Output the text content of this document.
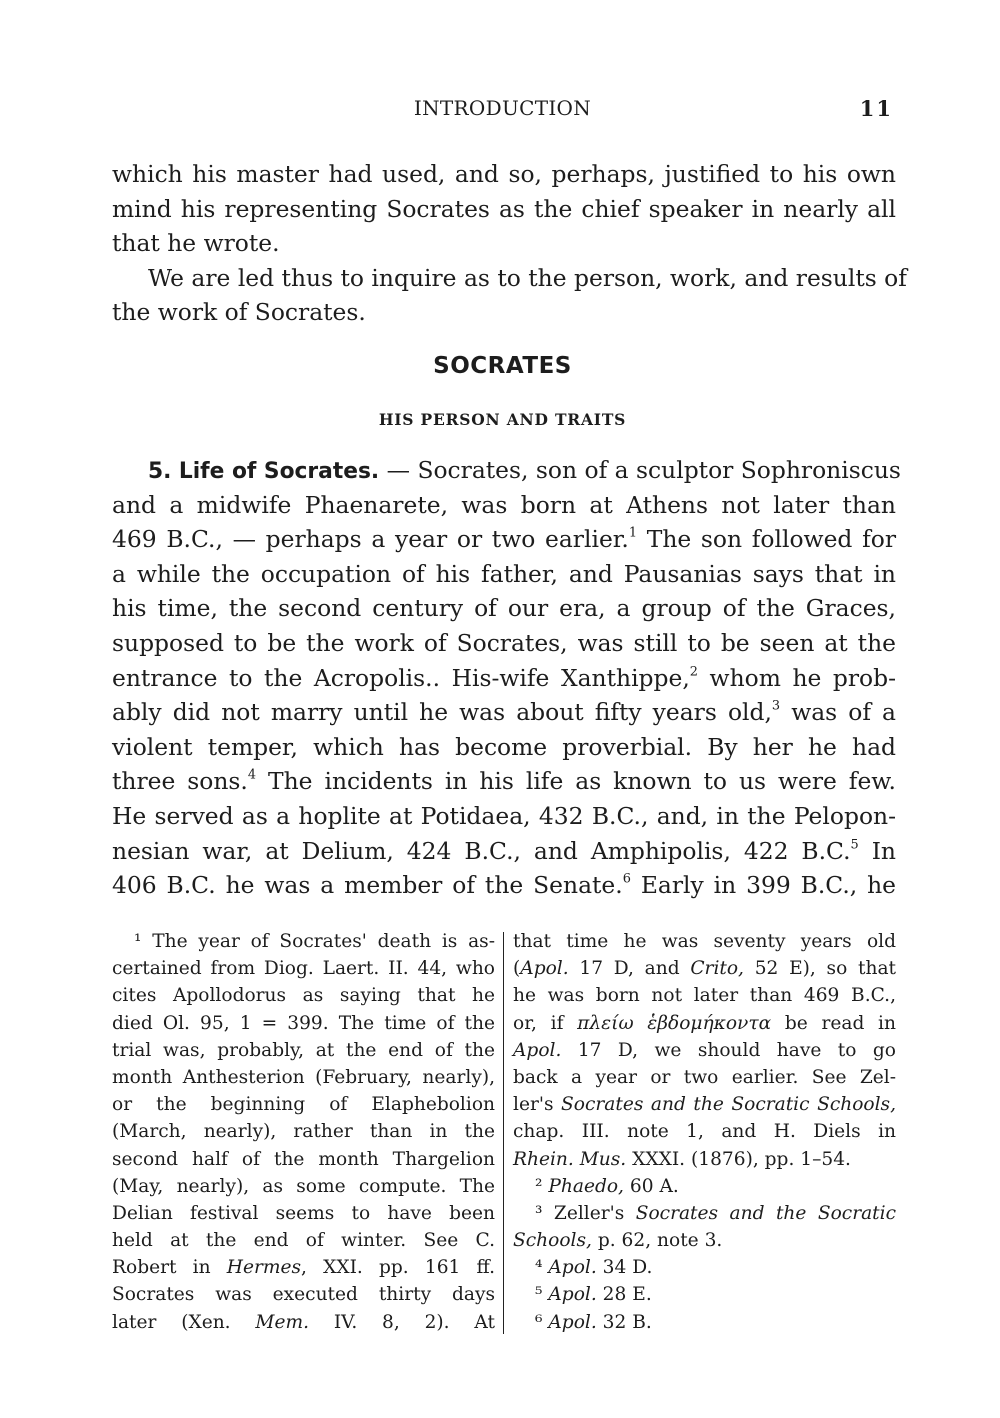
INTRODUCTION	11

which his master had used, and so, perhaps, justified to his own
mind his representing Socrates as the chief speaker in nearly all
that he wrote.

We are led thus to inquire as to the person, work, and results of
the work of Socrates.

SOCRATES
HIS PERSON AND TRAITS
5. Life of Socrates. — Socrates, son of a sculptor Sophroniscus
and a midwife Phaenarete, was born at Athens not later than
469 B.C., — perhaps a year or two earlier.$^1$ The son followed for
a while the occupation of his father, and Pausanias says that in
his time, the second century of our era, a group of the Graces,
supposed to be the work of Socrates, was still to be seen at the
entrance to the Acropolis.. His-wife Xanthippe,$^2$ whom he prob-
ably did not marry until he was about fifty years old,$^3$ was of a
violent temper, which has become proverbial. By her he had
three sons.$^4$ The incidents in his life as known to us were few.
He served as a hoplite at Potidaea, 432 B.C., and, in the Pelopon-
nesian war, at Delium, 424 B.C., and Amphipolis, 422 B.C.$^5$ In
406 B.C. he was a member of the Senate.$^6$ Early in 399 B.C., he
¹ The year of Socrates' death is as-
certained from Diog. Laert. II. 44, who
cites Apollodorus as saying that he
died Ol. 95, 1 = 399. The time of the
trial was, probably, at the end of the
month Anthesterion (February, nearly),
or the beginning of Elaphebolion
(March, nearly), rather than in the
second half of the month Thargelion
(May, nearly), as some compute. The
Delian festival seems to have been
held at the end of winter. See C.
Robert in Hermes, XXI. pp. 161 ff.
Socrates was executed thirty days
later (Xen. Mem. IV. 8, 2). At
that time he was seventy years old
(Apol. 17 D, and Crito, 52 E), so that
he was born not later than 469 B.C.,
or, if πλείω ἑβδομήκοντα be read in
Apol. 17 D, we should have to go
back a year or two earlier. See Zel-
ler's Socrates and the Socratic Schools,
chap. III. note 1, and H. Diels in
Rhein. Mus. XXXI. (1876), pp. 1–54.
² Phaedo, 60 A.
³ Zeller's Socrates and the Socratic
Schools, p. 62, note 3.
⁴ Apol. 34 D.
⁵ Apol. 28 E.
⁶ Apol. 32 B.
